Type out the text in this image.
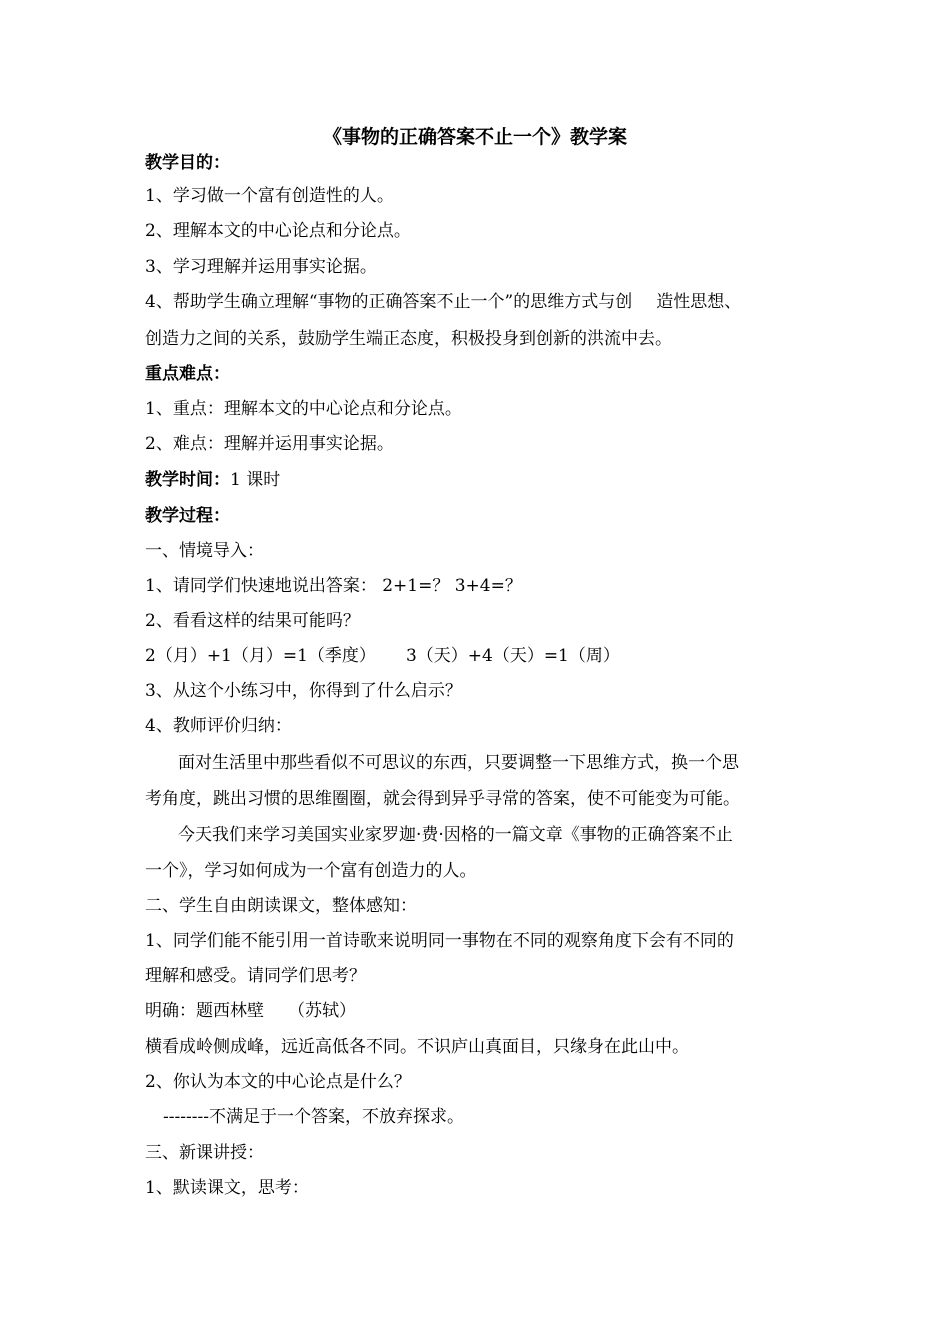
《事物的正确答案不止一个》教学案
教学目的：
1、学习做一个富有创造性的人。
2、理解本文的中心论点和分论点。
3、学习理解并运用事实论据。
4、帮助学生确立理解“事物的正确答案不止一个”的思维方式与创 造性思想、
创造力之间的关系，鼓励学生端正态度，积极投身到创新的洪流中去。
重点难点：
1、重点：理解本文的中心论点和分论点。
2、难点：理解并运用事实论据。
教学时间：1 课时
教学过程：
一、情境导入：
1、请同学们快速地说出答案： 2+1=？ 3+4=？
2、看看这样的结果可能吗？
2（月）+1（月）=1（季度） 3（天）+4（天）=1（周）
3、从这个小练习中，你得到了什么启示？
4、教师评价归纳：
面对生活里中那些看似不可思议的东西，只要调整一下思维方式，换一个思
考角度，跳出习惯的思维圈圈，就会得到异乎寻常的答案，使不可能变为可能。
今天我们来学习美国实业家罗迦·费·因格的一篇文章《事物的正确答案不止
一个》，学习如何成为一个富有创造力的人。
二、学生自由朗读课文，整体感知：
1、同学们能不能引用一首诗歌来说明同一事物在不同的观察角度下会有不同的
理解和感受。请同学们思考？
明确：题西林壁 （苏轼）
横看成岭侧成峰，远近高低各不同。不识庐山真面目，只缘身在此山中。
2、你认为本文的中心论点是什么？
--------不满足于一个答案，不放弃探求。
三、新课讲授：
1、默读课文，思考：
